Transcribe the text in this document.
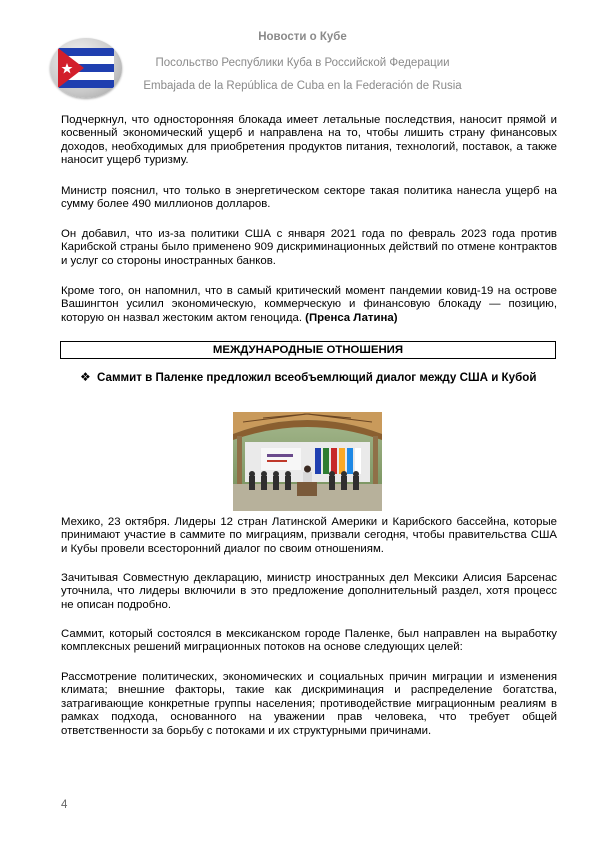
Новости о Кубе
Посольство Республики Куба в Российской Федерации
Embajada de la República de Cuba en la Federación de Rusia

Подчеркнул, что односторонняя блокада имеет летальные последствия, наносит прямой и косвенный экономический ущерб и направлена на то, чтобы лишить страну финансовых доходов, необходимых для приобретения продуктов питания, технологий, поставок, а также наносит ущерб туризму.

Министр пояснил, что только в энергетическом секторе такая политика нанесла ущерб на сумму более 490 миллионов долларов.

Он добавил, что из-за политики США с января 2021 года по февраль 2023 года против Карибской страны было применено 909 дискриминационных действий по отмене контрактов и услуг со стороны иностранных банков.

Кроме того, он напомнил, что в самый критический момент пандемии ковид-19 на острове Вашингтон усилил экономическую, коммерческую и финансовую блокаду — позицию, которую он назвал жестоким актом геноцида. (Пренса Латина)

МЕЖДУНАРОДНЫЕ ОТНОШЕНИЯ
❖ Саммит в Паленке предложил всеобъемлющий диалог между США и Кубой

Мехико, 23 октября. Лидеры 12 стран Латинской Америки и Карибского бассейна, которые принимают участие в саммите по миграциям, призвали сегодня, чтобы правительства США и Кубы провели всесторонний диалог по своим отношениям.

Зачитывая Совместную декларацию, министр иностранных дел Мексики Алисия Барсенас уточнила, что лидеры включили в это предложение дополнительный раздел, хотя процесс не описан подробно.

Саммит, который состоялся в мексиканском городе Паленке, был направлен на выработку комплексных решений миграционных потоков на основе следующих целей:

Рассмотрение политических, экономических и социальных причин миграции и изменения климата; внешние факторы, такие как дискриминация и распределение богатства, затрагивающие конкретные группы населения; противодействие миграционным реалиям в рамках подхода, основанного на уважении прав человека, что требует общей ответственности за борьбу с потоками и их структурными причинами.

4
